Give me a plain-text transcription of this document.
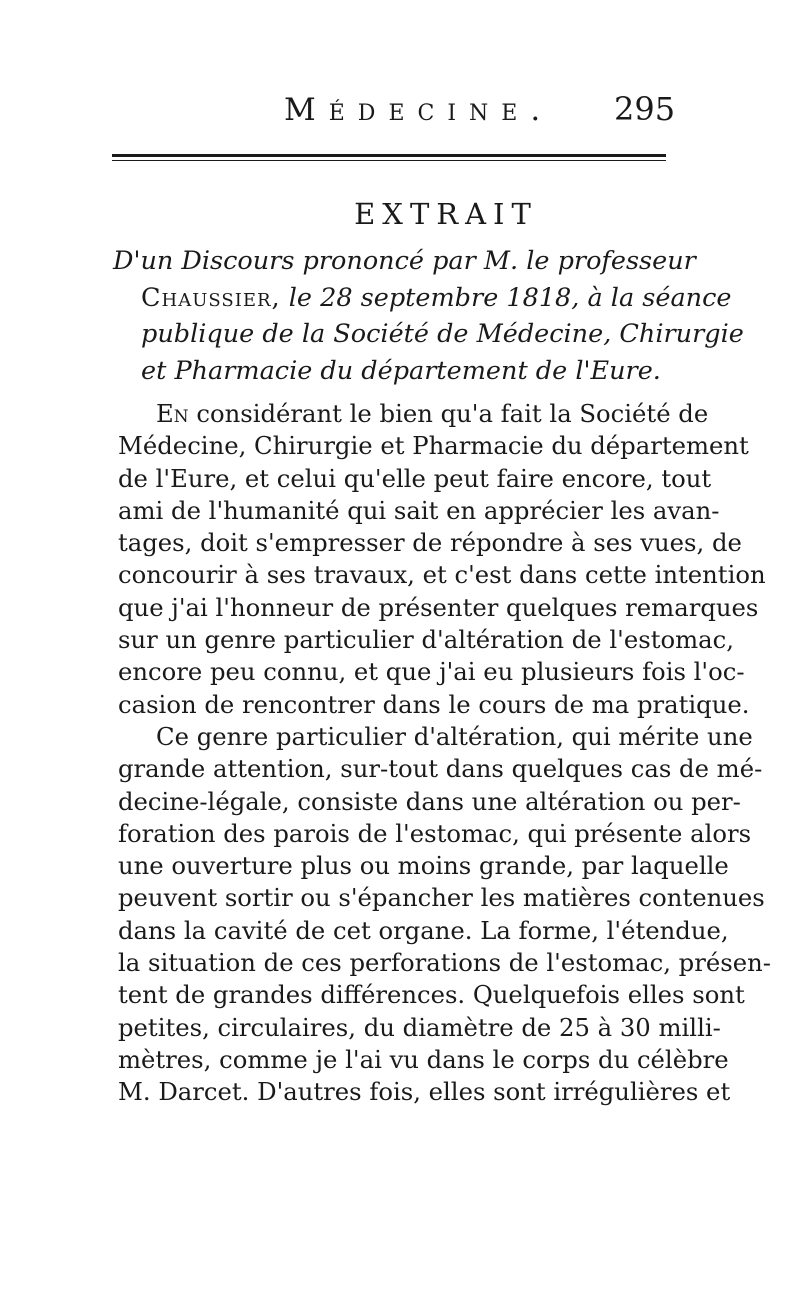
Médecine. 295
EXTRAIT
D'un Discours prononcé par M. le professeur
Chaussier, le 28 septembre 1818, à la séance
publique de la Société de Médecine, Chirurgie
et Pharmacie du département de l'Eure.
En considérant le bien qu'a fait la Société de
Médecine, Chirurgie et Pharmacie du département
de l'Eure, et celui qu'elle peut faire encore, tout
ami de l'humanité qui sait en apprécier les avan-
tages, doit s'empresser de répondre à ses vues, de
concourir à ses travaux, et c'est dans cette intention
que j'ai l'honneur de présenter quelques remarques
sur un genre particulier d'altération de l'estomac,
encore peu connu, et que j'ai eu plusieurs fois l'oc-
casion de rencontrer dans le cours de ma pratique.
Ce genre particulier d'altération, qui mérite une
grande attention, sur-tout dans quelques cas de mé-
decine-légale, consiste dans une altération ou per-
foration des parois de l'estomac, qui présente alors
une ouverture plus ou moins grande, par laquelle
peuvent sortir ou s'épancher les matières contenues
dans la cavité de cet organe. La forme, l'étendue,
la situation de ces perforations de l'estomac, présen-
tent de grandes différences. Quelquefois elles sont
petites, circulaires, du diamètre de 25 à 30 milli-
mètres, comme je l'ai vu dans le corps du célèbre
M. Darcet. D'autres fois, elles sont irrégulières et
